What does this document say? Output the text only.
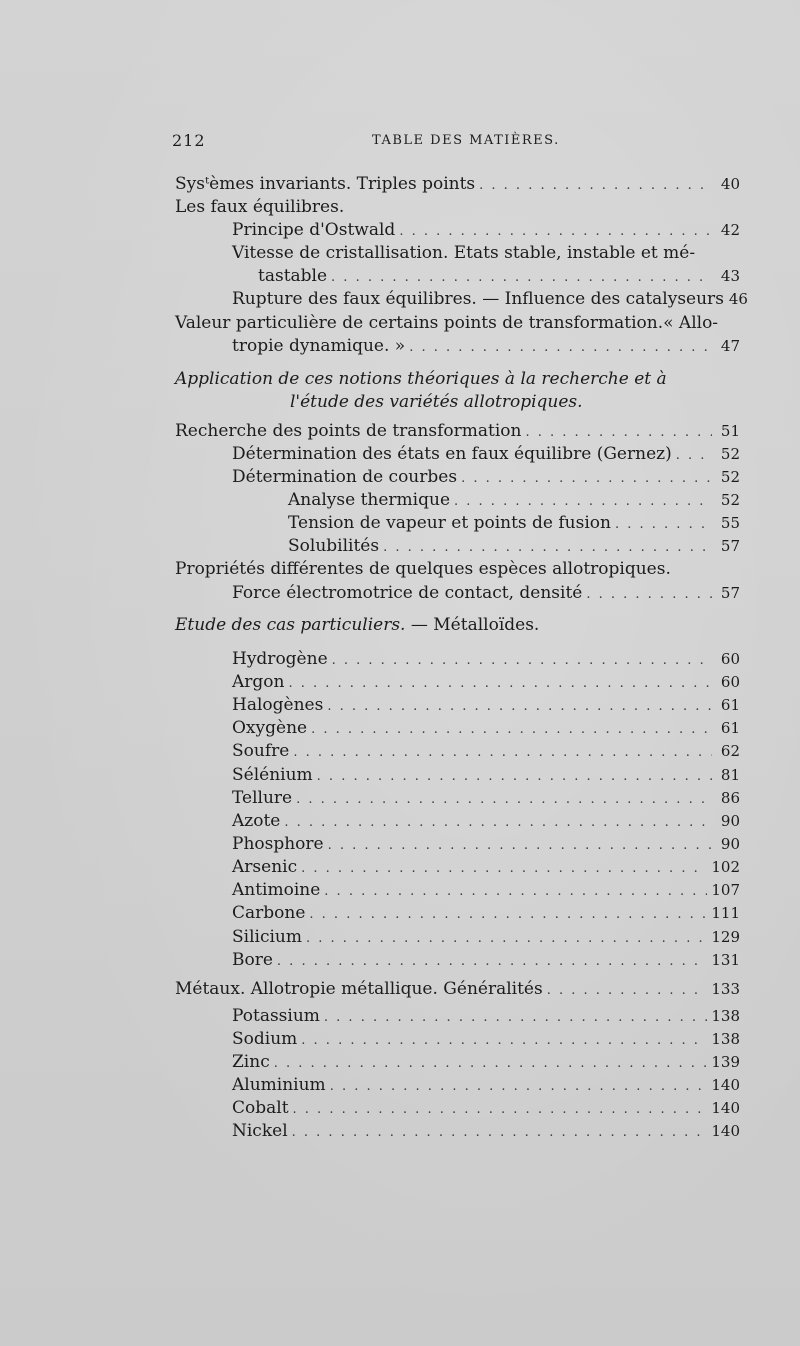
212	TABLE DES MATIÈRES.
Sysᵗèmes invariants. Triples points . . .	40
Les faux équilibres.
Principe d'Ostwald . . .	42
Vitesse de cristallisation. Etats stable, instable et mé-
tastable . . .	43
Rupture des faux équilibres. — Influence des catalyseurs 46
Valeur particulière de certains points de transformation.« Allo-
tropie dynamique. » . . .	47
Application de ces notions théoriques à la recherche et à
l'étude des variétés allotropiques.
Recherche des points de transformation . . .	51
Détermination des états en faux équilibre (Gernez) . . .	52
Détermination de courbes . . .	52
Analyse thermique . . .	52
Tension de vapeur et points de fusion . . .	55
Solubilités . . .	57
Propriétés différentes de quelques espèces allotropiques.
Force électromotrice de contact, densité . . .	57
Etude des cas particuliers. — Métalloïdes.
Hydrogène . . .	60
Argon . . .	60
Halogènes . . .	61
Oxygène . . .	61
Soufre . . .	62
Sélénium . . .	81
Tellure . . .	86
Azote . . .	90
Phosphore . . .	90
Arsenic . . .	102
Antimoine . . .	107
Carbone . . .	111
Silicium . . .	129
Bore . . .	131
Métaux. Allotropie métallique. Généralités . . .	133
Potassium . . .	138
Sodium . . .	138
Zinc . . .	139
Aluminium . . .	140
Cobalt . . .	140
Nickel . . .	140
